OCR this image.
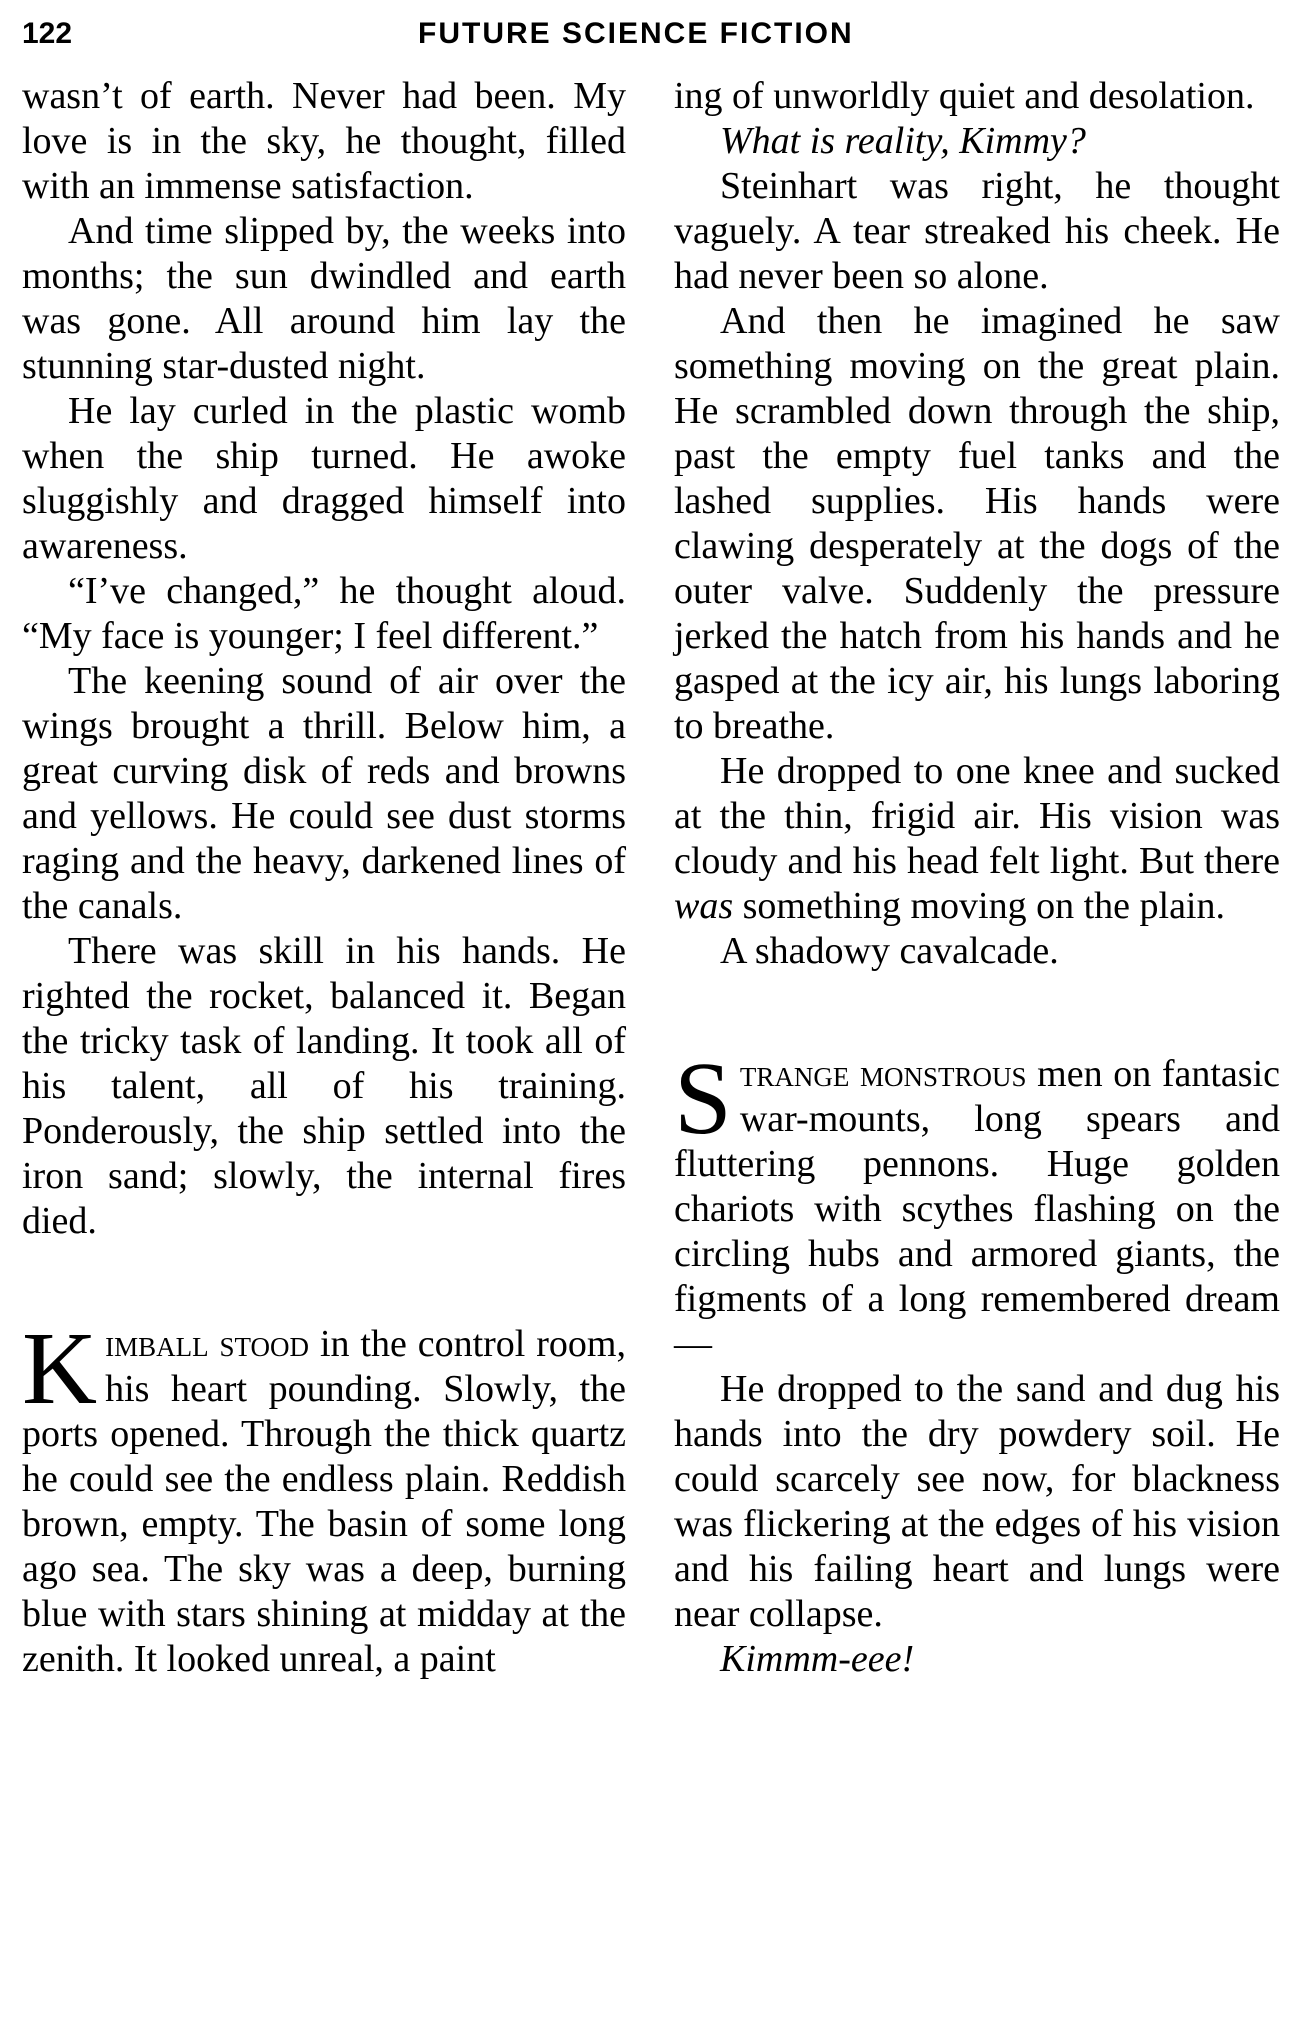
122	FUTURE SCIENCE FICTION

wasn’t of earth. Never had been. My love is in the sky, he thought, filled with an immense satisfaction.

And time slipped by, the weeks into months; the sun dwindled and earth was gone. All around him lay the stunning star-dusted night.

He lay curled in the plastic womb when the ship turned. He awoke sluggishly and dragged himself into awareness.

“I’ve changed,” he thought aloud. “My face is younger; I feel different.”

The keening sound of air over the wings brought a thrill. Below him, a great curving disk of reds and browns and yellows. He could see dust storms raging and the heavy, darkened lines of the canals.

There was skill in his hands. He righted the rocket, balanced it. Began the tricky task of landing. It took all of his talent, all of his training. Ponderously, the ship settled into the iron sand; slowly, the internal fires died.

Kimball stood in the control room, his heart pounding. Slowly, the ports opened. Through the thick quartz he could see the endless plain. Reddish brown, empty. The basin of some long ago sea. The sky was a deep, burning blue with stars shining at midday at the zenith. It looked unreal, a paint

ing of unworldly quiet and desolation.

What is reality, Kimmy?

Steinhart was right, he thought vaguely. A tear streaked his cheek. He had never been so alone.

And then he imagined he saw something moving on the great plain. He scrambled down through the ship, past the empty fuel tanks and the lashed supplies. His hands were clawing desperately at the dogs of the outer valve. Suddenly the pressure jerked the hatch from his hands and he gasped at the icy air, his lungs laboring to breathe.

He dropped to one knee and sucked at the thin, frigid air. His vision was cloudy and his head felt light. But there was something moving on the plain.

A shadowy cavalcade.

Strange monstrous men on fantasic war-mounts, long spears and fluttering pennons. Huge golden chariots with scythes flashing on the circling hubs and armored giants, the figments of a long remembered dream —

He dropped to the sand and dug his hands into the dry powdery soil. He could scarcely see now, for blackness was flickering at the edges of his vision and his failing heart and lungs were near collapse.

Kimmm-eee!
